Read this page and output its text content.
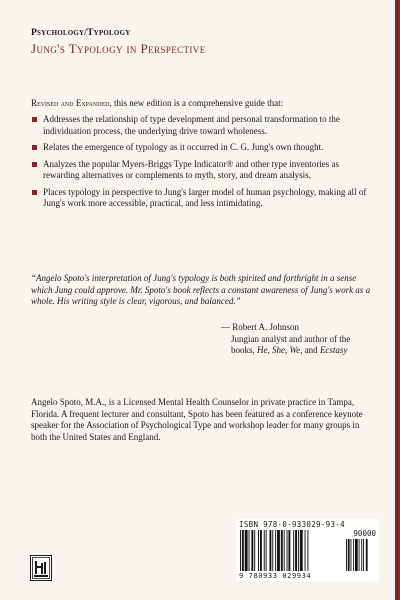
Psychology/Typology
Jung's Typology in Perspective
Revised and Expanded, this new edition is a comprehensive guide that:
Addresses the relationship of type development and personal transformation to the individuation process, the underlying drive toward wholeness.
Relates the emergence of typology as it occurred in C. G. Jung's own thought.
Analyzes the popular Myers-Briggs Type Indicator® and other type inventories as rewarding alternatives or complements to myth, story, and dream analysis.
Places typology in perspective to Jung's larger model of human psychology, making all of Jung's work more accessible, practical, and less intimidating.
“Angelo Spoto's interpretation of Jung's typology is both spirited and forthright in a sense which Jung could approve. Mr. Spoto's book reflects a constant awareness of Jung's work as a whole. His writing style is clear, vigorous, and balanced.”
— Robert A. Johnson
Jungian analyst and author of the
books, He, She, We, and Ecstasy
Angelo Spoto, M.A., is a Licensed Mental Health Counselor in private practice in Tampa, Florida. A frequent lecturer and consultant, Spoto has been featured as a conference keynote speaker for the Association of Psychological Type and workshop leader for many groups in both the United States and England.
ISBN 978-0-933029-93-4
90000
9 780933 029934
